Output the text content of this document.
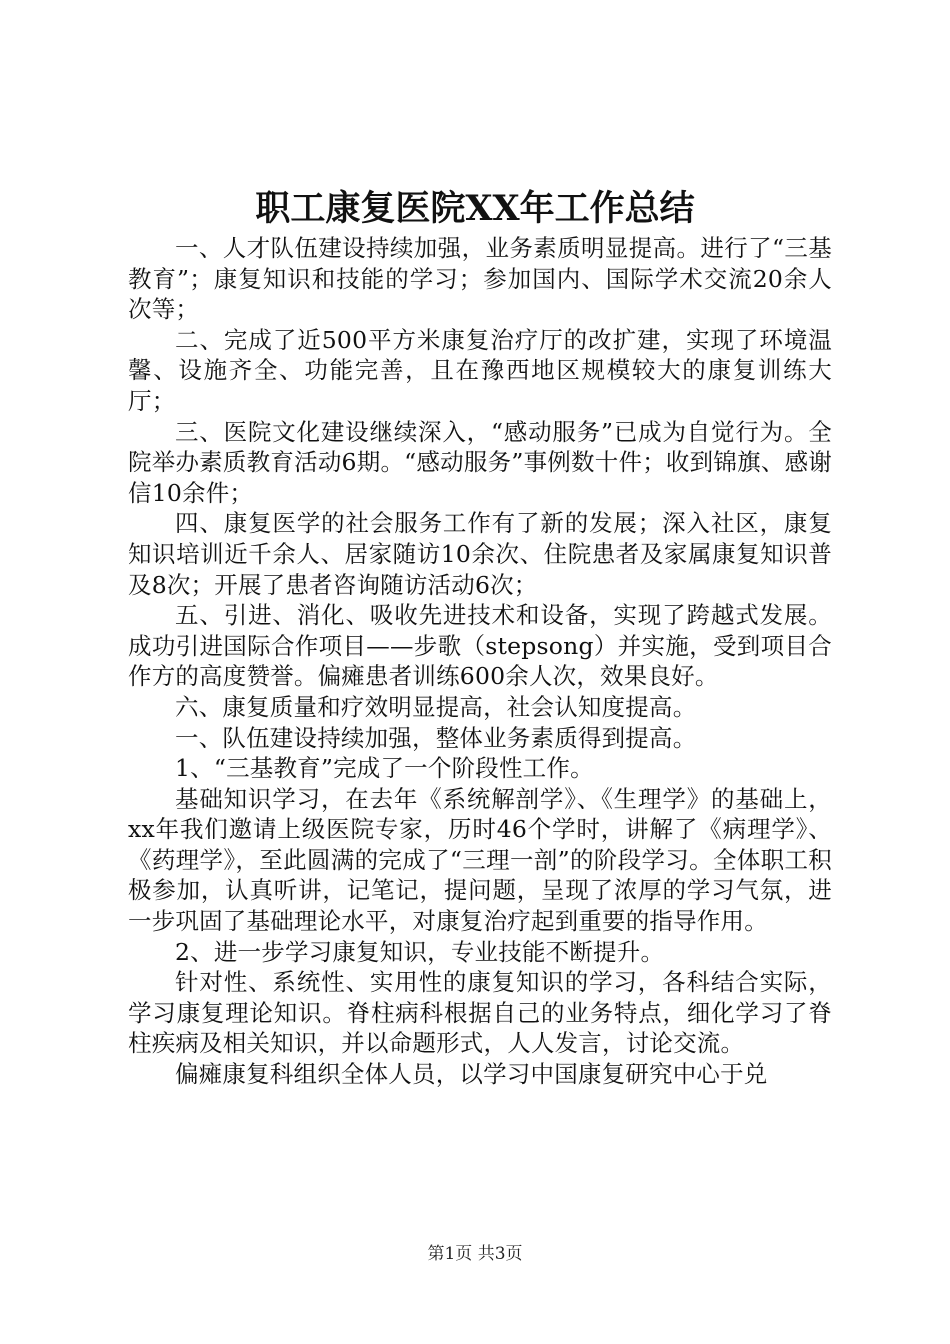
职工康复医院XX年工作总结

一、人才队伍建设持续加强，业务素质明显提高。进行了“三基教育”；康复知识和技能的学习；参加国内、国际学术交流20余人次等；

二、完成了近500平方米康复治疗厅的改扩建，实现了环境温馨、设施齐全、功能完善，且在豫西地区规模较大的康复训练大厅；

三、医院文化建设继续深入，“感动服务”已成为自觉行为。全院举办素质教育活动6期。“感动服务”事例数十件；收到锦旗、感谢信10余件；

四、康复医学的社会服务工作有了新的发展；深入社区，康复知识培训近千余人、居家随访10余次、住院患者及家属康复知识普及8次；开展了患者咨询随访活动6次；

五、引进、消化、吸收先进技术和设备，实现了跨越式发展。成功引进国际合作项目——步歌（stepsong）并实施，受到项目合作方的高度赞誉。偏瘫患者训练600余人次，效果良好。

六、康复质量和疗效明显提高，社会认知度提高。

一、队伍建设持续加强，整体业务素质得到提高。

1、“三基教育”完成了一个阶段性工作。

基础知识学习，在去年《系统解剖学》、《生理学》的基础上，xx年我们邀请上级医院专家，历时46个学时，讲解了《病理学》、《药理学》，至此圆满的完成了“三理一剖”的阶段学习。全体职工积极参加，认真听讲，记笔记，提问题，呈现了浓厚的学习气氛，进一步巩固了基础理论水平，对康复治疗起到重要的指导作用。

2、进一步学习康复知识，专业技能不断提升。

针对性、系统性、实用性的康复知识的学习，各科结合实际，学习康复理论知识。脊柱病科根据自己的业务特点，细化学习了脊柱疾病及相关知识，并以命题形式，人人发言，讨论交流。

偏瘫康复科组织全体人员，以学习中国康复研究中心于兑

第1页 共3页
